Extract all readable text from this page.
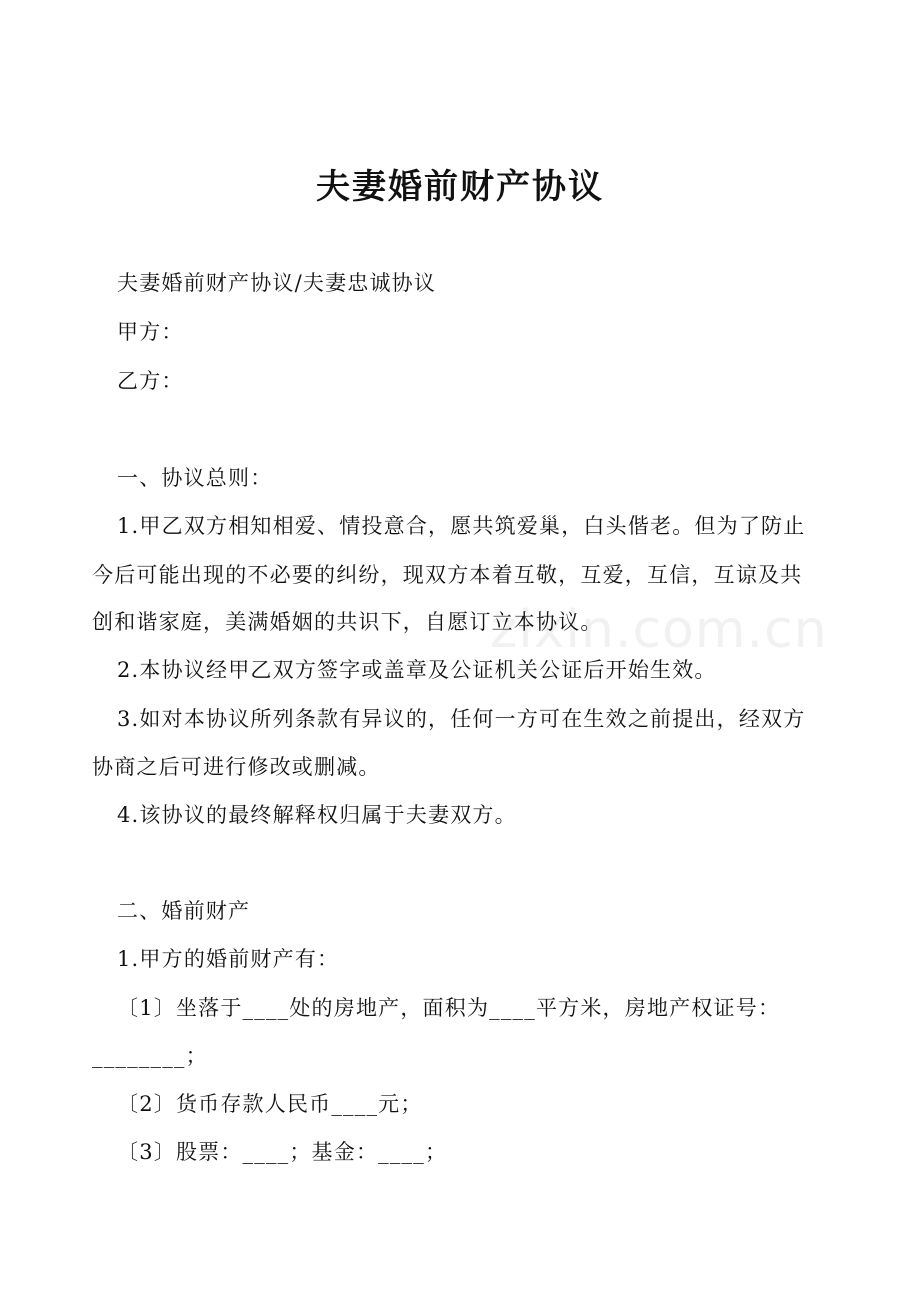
zixin.com.cn
夫妻婚前财产协议
夫妻婚前财产协议/夫妻忠诚协议
甲方：
乙方：
一、协议总则：
1.甲乙双方相知相爱、情投意合，愿共筑爱巢，白头偕老。但为了防止
今后可能出现的不必要的纠纷，现双方本着互敬，互爱，互信，互谅及共
创和谐家庭，美满婚姻的共识下，自愿订立本协议。
2.本协议经甲乙双方签字或盖章及公证机关公证后开始生效。
3.如对本协议所列条款有异议的，任何一方可在生效之前提出，经双方
协商之后可进行修改或删减。
4.该协议的最终解释权归属于夫妻双方。
二、婚前财产
1.甲方的婚前财产有：
〔1〕坐落于____处的房地产，面积为____平方米，房地产权证号：
________；
〔2〕货币存款人民币____元；
〔3〕股票：____；基金：____；
